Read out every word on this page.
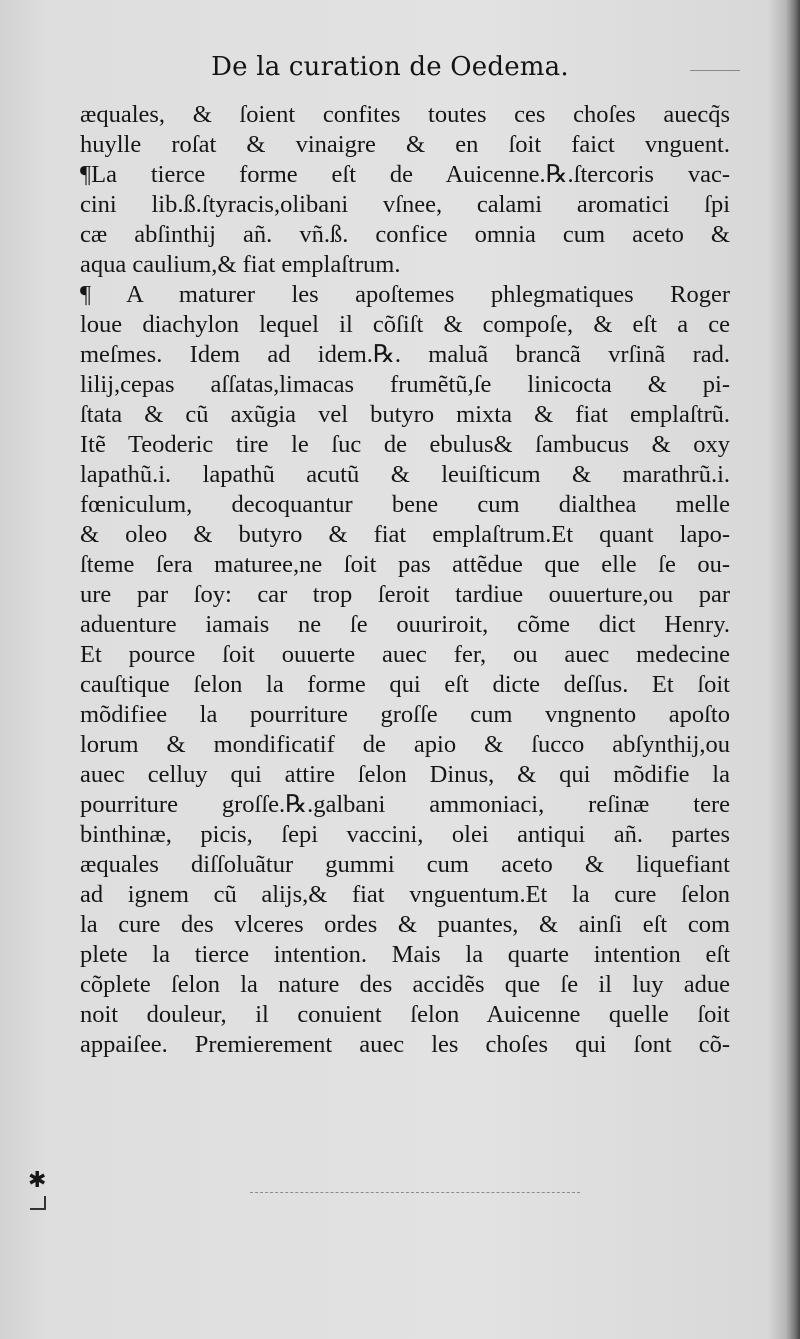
De la curation de Oedema.
æquales, & ſoient confites toutes ces choſes auecq̃s
huylle roſat & vinaigre & en ſoit faict vnguent.
¶La tierce forme eſt de Auicenne.℞.ſtercoris vac-
cini lib.ß.ſtyracis,olibani vſnee, calami aromatici ſpi
cæ abſinthij añ. vñ.ß. confice omnia cum aceto &
aqua caulium,& fiat emplaſtrum.
¶ A maturer les apoſtemes phlegmatiques Roger
loue diachylon lequel il cõſiſt & compoſe, & eſt a ce
meſmes. Idem ad idem.℞. maluã brancã vrſinã rad.
lilij,cepas aſſatas,limacas frumẽtũ,ſe linicocta & pi-
ſtata & cũ axũgia vel butyro mixta & fiat emplaſtrũ.
Itẽ Teoderic tire le ſuc de ebulus& ſambucus & oxy
lapathũ.i. lapathũ acutũ & leuiſticum & marathrũ.i.
fœniculum, decoquantur bene cum dialthea melle
& oleo & butyro & fiat emplaſtrum.Et quant lapo-
ſteme ſera maturee,ne ſoit pas attẽdue que elle ſe ou-
ure par ſoy: car trop ſeroit tardiue ouuerture,ou par
aduenture iamais ne ſe ouuriroit, cõme dict Henry.
Et pource ſoit ouuerte auec fer, ou auec medecine
cauſtique ſelon la forme qui eſt dicte deſſus. Et ſoit
mõdifiee la pourriture groſſe cum vngnento apoſto
lorum & mondificatif de apio & ſucco abſynthij,ou
auec celluy qui attire ſelon Dinus, & qui mõdifie la
pourriture groſſe.℞.galbani ammoniaci, reſinæ tere
binthinæ, picis, ſepi vaccini, olei antiqui añ. partes
æquales diſſoluãtur gummi cum aceto & liquefiant
ad ignem cũ alijs,& fiat vnguentum.Et la cure ſelon
la cure des vlceres ordes & puantes, & ainſi eſt com
plete la tierce intention. Mais la quarte intention eſt
cõplete ſelon la nature des accidẽs que ſe il luy adue
noit douleur, il conuient ſelon Auicenne quelle ſoit
appaiſee. Premierement auec les choſes qui ſont cõ-
✱
